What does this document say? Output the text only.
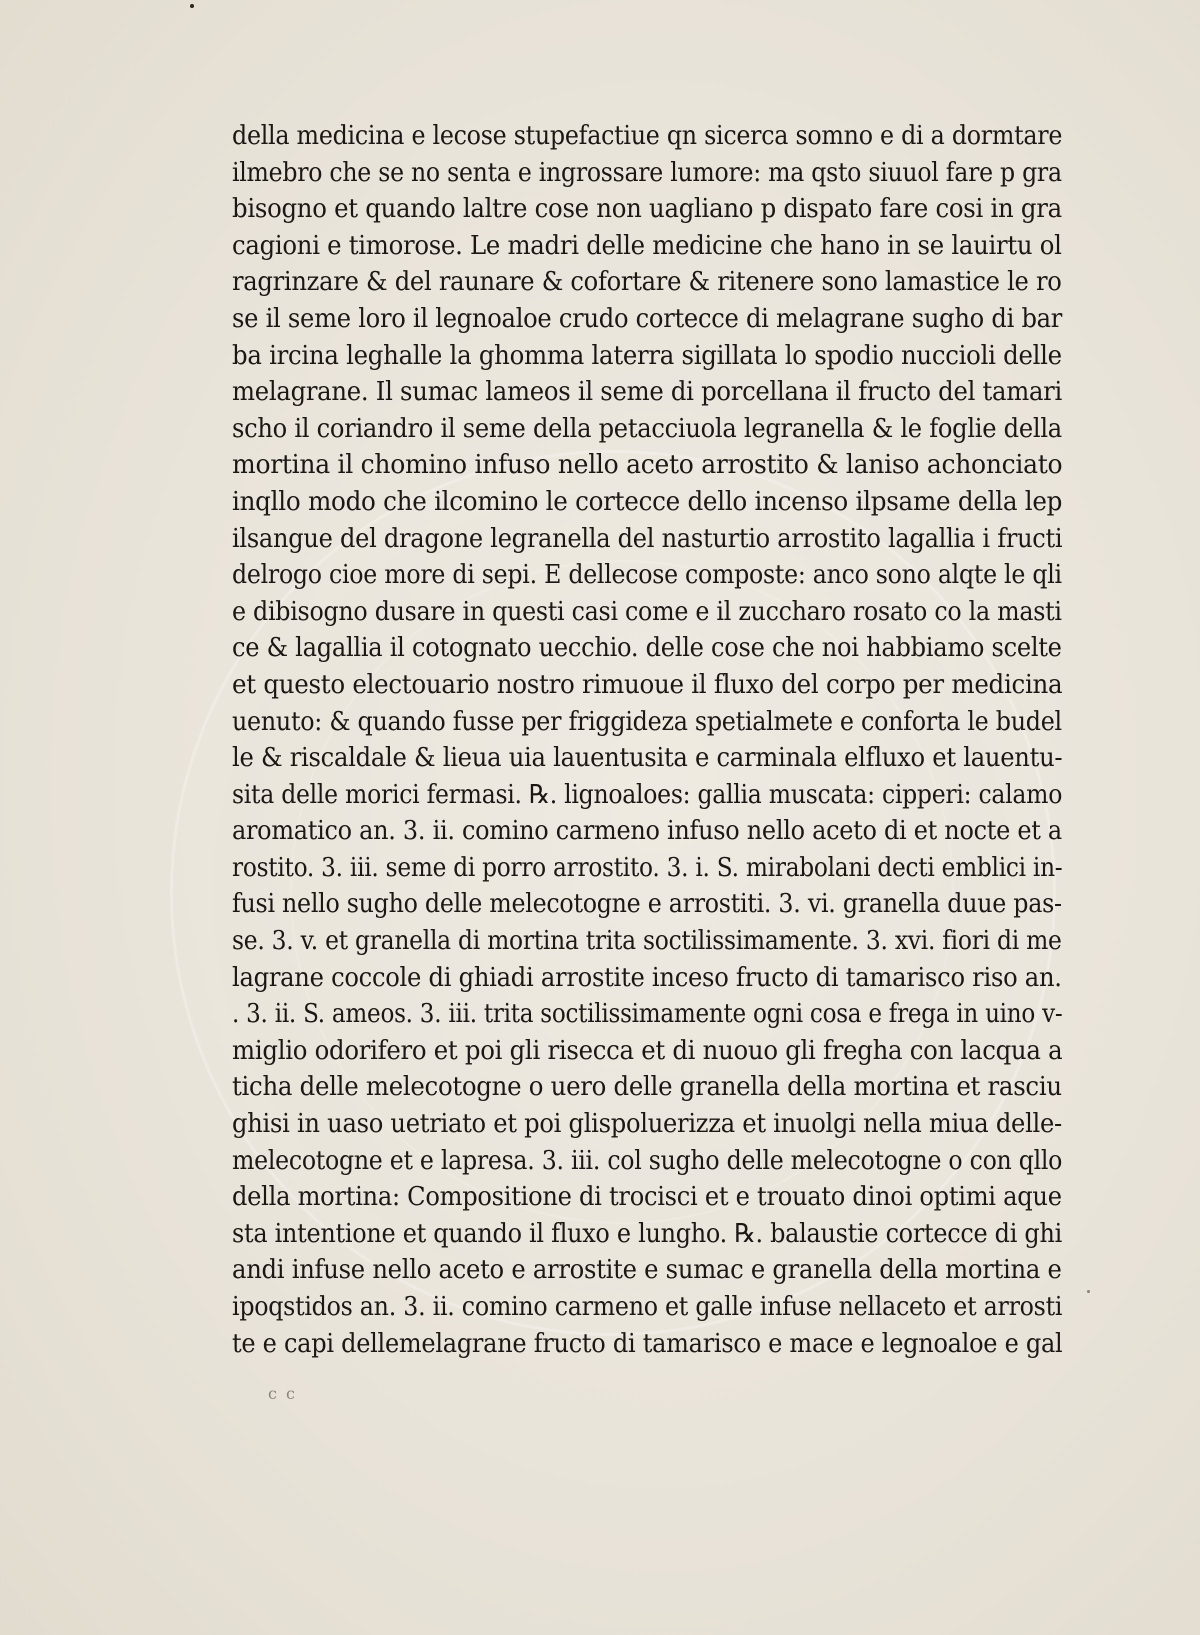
della medicina e lecose stupefactiue qn sicerca somno e di a dormtare
ilmebro che se no senta e ingrossare lumore: ma qsto siuuol fare p gra
bisogno et quando laltre cose non uagliano p dispato fare cosi in gra
cagioni e timorose. Le madri delle medicine che hano in se lauirtu ol
ragrinzare & del raunare & cofortare & ritenere sono lamastice le ro
se il seme loro il legnoaloe crudo cortecce di melagrane sugho di bar
ba ircina leghalle la ghomma laterra sigillata lo spodio nuccioli delle
melagrane. Il sumac lameos il seme di porcellana il fructo del tamari
scho il coriandro il seme della petacciuola legranella & le foglie della
mortina il chomino infuso nello aceto arrostito & laniso achonciato
inqllo modo che ilcomino le cortecce dello incenso ilpsame della lep
ilsangue del dragone legranella del nasturtio arrostito lagallia i fructi
delrogo cioe more di sepi. E dellecose composte: anco sono alqte le qli
e dibisogno dusare in questi casi come e il zuccharo rosato co la masti
ce & lagallia il cotognato uecchio. delle cose che noi habbiamo scelte
et questo electouario nostro rimuoue il fluxo del corpo per medicina
uenuto: & quando fusse per friggideza spetialmete e conforta le budel
le & riscaldale & lieua uia lauentusita e carminala elfluxo et lauentu-
sita delle morici fermasi. ℞. lignoaloes: gallia muscata: cipperi: calamo
aromatico an. 3. ii. comino carmeno infuso nello aceto di et nocte et a
rostito. 3. iii. seme di porro arrostito. 3. i. S. mirabolani decti emblici in-
fusi nello sugho delle melecotogne e arrostiti. 3. vi. granella duue pas-
se. 3. v. et granella di mortina trita soctilissimamente. 3. xvi. fiori di me
lagrane coccole di ghiadi arrostite inceso fructo di tamarisco riso an.
. 3. ii. S. ameos. 3. iii. trita soctilissimamente ogni cosa e frega in uino v-
miglio odorifero et poi gli risecca et di nuouo gli fregha con lacqua a
ticha delle melecotogne o uero delle granella della mortina et rasciu
ghisi in uaso uetriato et poi glispoluerizza et inuolgi nella miua delle-
melecotogne et e lapresa. 3. iii. col sugho delle melecotogne o con qllo
della mortina: Compositione di trocisci et e trouato dinoi optimi aque
sta intentione et quando il fluxo e lungho. ℞. balaustie cortecce di ghi
andi infuse nello aceto e arrostite e sumac e granella della mortina e
ipoqstidos an. 3. ii. comino carmeno et galle infuse nellaceto et arrosti
te e capi dellemelagrane fructo di tamarisco e mace e legnoaloe e gal
c c
